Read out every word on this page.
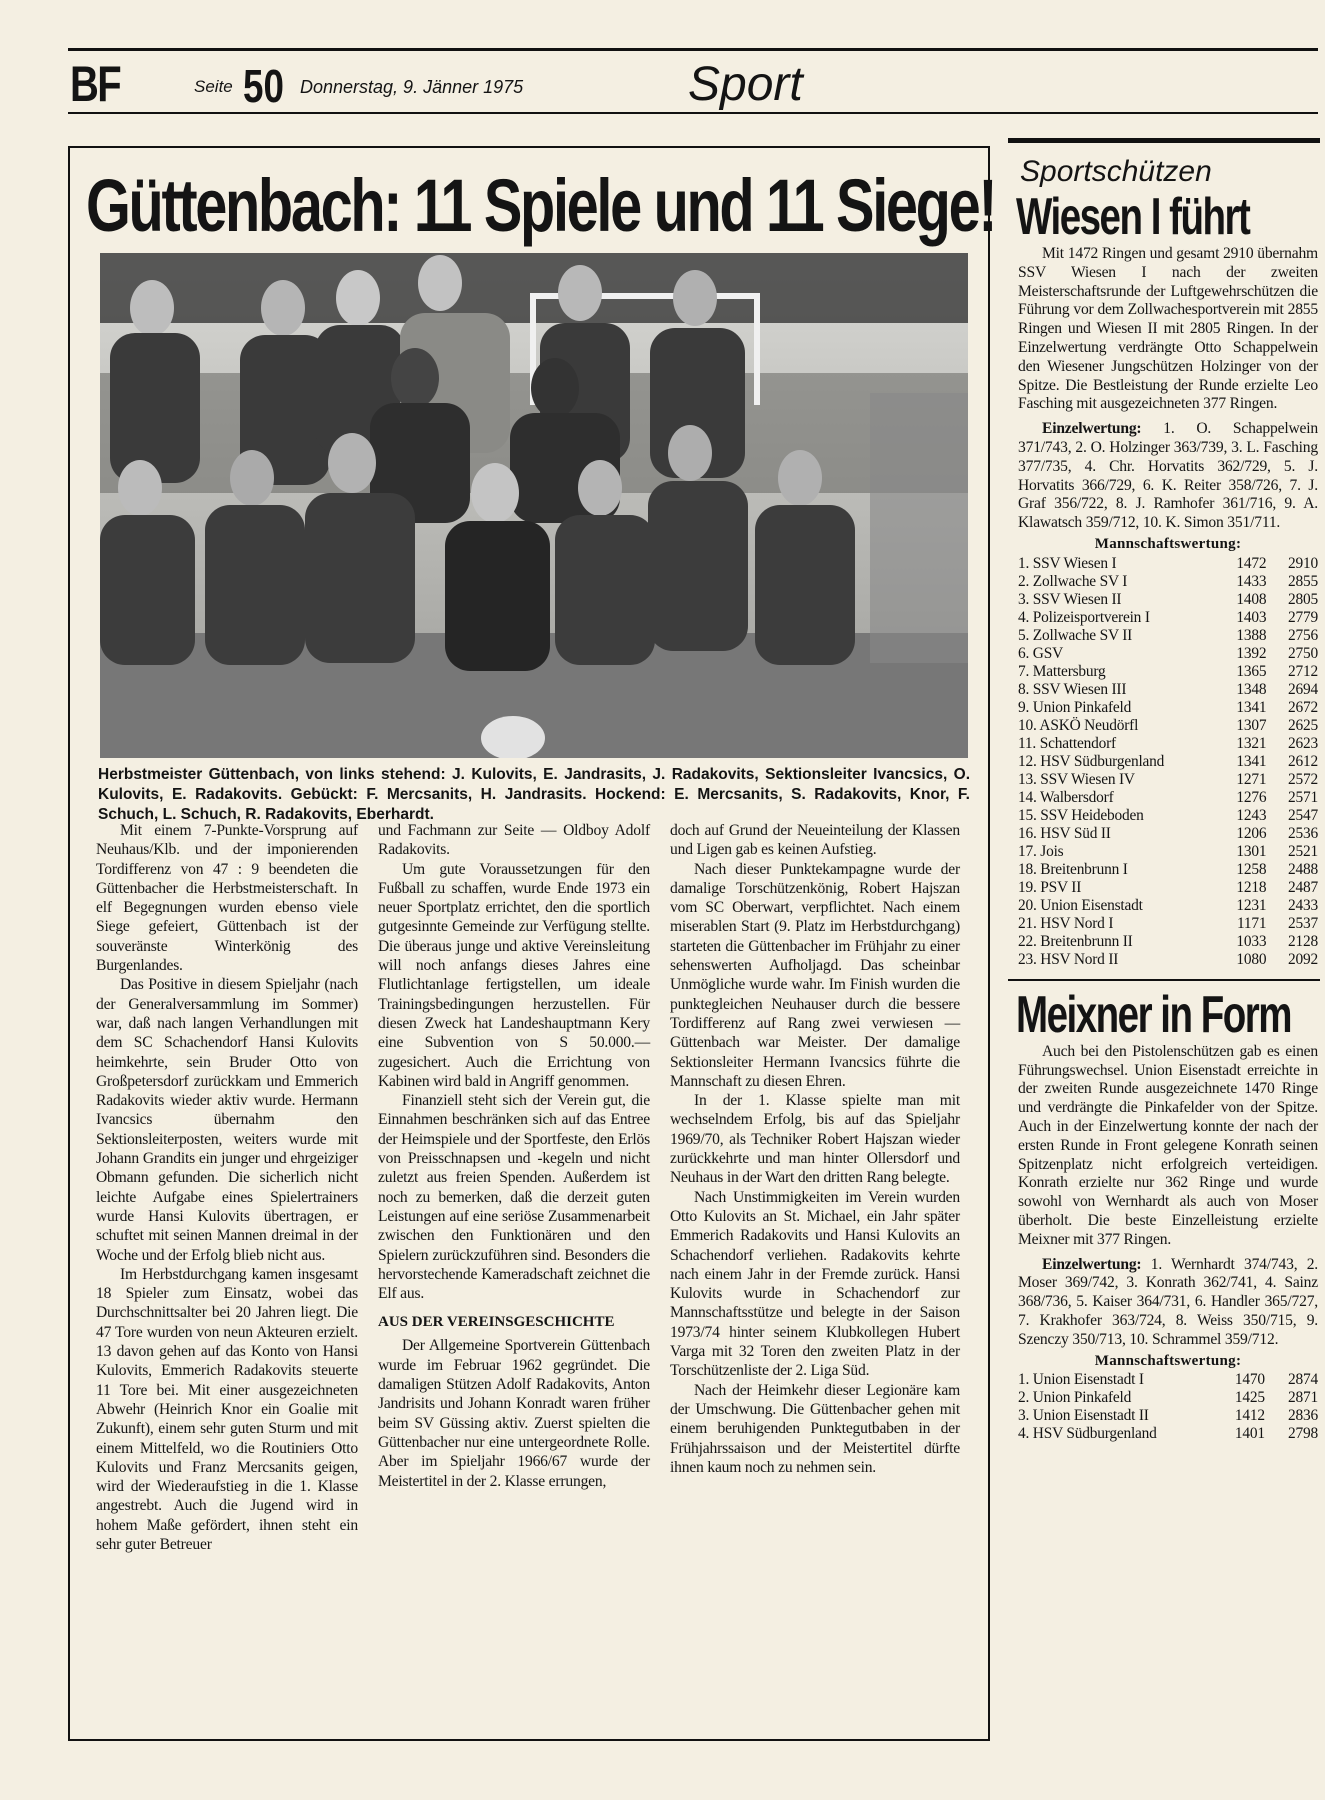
BF	Seite 50 Donnerstag, 9. Jänner 1975	Sport
Güttenbach: 11 Spiele und 11 Siege!
Herbstmeister Güttenbach, von links stehend: J. Kulovits, E. Jandrasits, J. Radakovits, Sektionsleiter Ivancsics, O. Kulovits, E. Radakovits. Gebückt: F. Mercsanits, H. Jandrasits. Hockend: E. Mercsanits, S. Radakovits, Knor, F. Schuch, L. Schuch, R. Radakovits, Eberhardt.

Mit einem 7-Punkte-Vorsprung auf Neuhaus/Klb. und der imponierenden Tordifferenz von 47 : 9 beendeten die Güttenbacher die Herbstmeisterschaft. In elf Begegnungen wurden ebenso viele Siege gefeiert, Güttenbach ist der souveränste Winterkönig des Burgenlandes.

Das Positive in diesem Spieljahr (nach der Generalversammlung im Sommer) war, daß nach langen Verhandlungen mit dem SC Schachendorf Hansi Kulovits heimkehrte, sein Bruder Otto von Großpetersdorf zurückkam und Emmerich Radakovits wieder aktiv wurde. Hermann Ivancsics übernahm den Sektionsleiterposten, weiters wurde mit Johann Grandits ein junger und ehrgeiziger Obmann gefunden. Die sicherlich nicht leichte Aufgabe eines Spielertrainers wurde Hansi Kulovits übertragen, er schuftet mit seinen Mannen dreimal in der Woche und der Erfolg blieb nicht aus.

Im Herbstdurchgang kamen insgesamt 18 Spieler zum Einsatz, wobei das Durchschnittsalter bei 20 Jahren liegt. Die 47 Tore wurden von neun Akteuren erzielt. 13 davon gehen auf das Konto von Hansi Kulovits, Emmerich Radakovits steuerte 11 Tore bei. Mit einer ausgezeichneten Abwehr (Heinrich Knor ein Goalie mit Zukunft), einem sehr guten Sturm und mit einem Mittelfeld, wo die Routiniers Otto Kulovits und Franz Mercsanits geigen, wird der Wiederaufstieg in die 1. Klasse angestrebt. Auch die Jugend wird in hohem Maße gefördert, ihnen steht ein sehr guter Betreuer

und Fachmann zur Seite — Oldboy Adolf Radakovits.

Um gute Voraussetzungen für den Fußball zu schaffen, wurde Ende 1973 ein neuer Sportplatz errichtet, den die sportlich gutgesinnte Gemeinde zur Verfügung stellte. Die überaus junge und aktive Vereinsleitung will noch anfangs dieses Jahres eine Flutlichtanlage fertigstellen, um ideale Trainingsbedingungen herzustellen. Für diesen Zweck hat Landeshauptmann Kery eine Subvention von S 50.000.— zugesichert. Auch die Errichtung von Kabinen wird bald in Angriff genommen.

Finanziell steht sich der Verein gut, die Einnahmen beschränken sich auf das Entree der Heimspiele und der Sportfeste, den Erlös von Preisschnapsen und -kegeln und nicht zuletzt aus freien Spenden. Außerdem ist noch zu bemerken, daß die derzeit guten Leistungen auf eine seriöse Zusammenarbeit zwischen den Funktionären und den Spielern zurückzuführen sind. Besonders die hervorstechende Kameradschaft zeichnet die Elf aus.

AUS DER VEREINSGESCHICHTE

Der Allgemeine Sportverein Güttenbach wurde im Februar 1962 gegründet. Die damaligen Stützen Adolf Radakovits, Anton Jandrisits und Johann Konradt waren früher beim SV Güssing aktiv. Zuerst spielten die Güttenbacher nur eine untergeordnete Rolle. Aber im Spieljahr 1966/67 wurde der Meistertitel in der 2. Klasse errungen,

doch auf Grund der Neueinteilung der Klassen und Ligen gab es keinen Aufstieg.

Nach dieser Punktekampagne wurde der damalige Torschützenkönig, Robert Hajszan vom SC Oberwart, verpflichtet. Nach einem miserablen Start (9. Platz im Herbstdurchgang) starteten die Güttenbacher im Frühjahr zu einer sehenswerten Aufholjagd. Das scheinbar Unmögliche wurde wahr. Im Finish wurden die punktegleichen Neuhauser durch die bessere Tordifferenz auf Rang zwei verwiesen — Güttenbach war Meister. Der damalige Sektionsleiter Hermann Ivancsics führte die Mannschaft zu diesen Ehren.

In der 1. Klasse spielte man mit wechselndem Erfolg, bis auf das Spieljahr 1969/70, als Techniker Robert Hajszan wieder zurückkehrte und man hinter Ollersdorf und Neuhaus in der Wart den dritten Rang belegte.

Nach Unstimmigkeiten im Verein wurden Otto Kulovits an St. Michael, ein Jahr später Emmerich Radakovits und Hansi Kulovits an Schachendorf verliehen. Radakovits kehrte nach einem Jahr in der Fremde zurück. Hansi Kulovits wurde in Schachendorf zur Mannschaftsstütze und belegte in der Saison 1973/74 hinter seinem Klubkollegen Hubert Varga mit 32 Toren den zweiten Platz in der Torschützenliste der 2. Liga Süd.

Nach der Heimkehr dieser Legionäre kam der Umschwung. Die Güttenbacher gehen mit einem beruhigenden Punktegutbaben in der Frühjahrssaison und der Meistertitel dürfte ihnen kaum noch zu nehmen sein.

Sportschützen
Wiesen I führt

Mit 1472 Ringen und gesamt 2910 übernahm SSV Wiesen I nach der zweiten Meisterschaftsrunde der Luftgewehrschützen die Führung vor dem Zollwachesportverein mit 2855 Ringen und Wiesen II mit 2805 Ringen. In der Einzelwertung verdrängte Otto Schappelwein den Wiesener Jungschützen Holzinger von der Spitze. Die Bestleistung der Runde erzielte Leo Fasching mit ausgezeichneten 377 Ringen.

Einzelwertung: 1. O. Schappelwein 371/743, 2. O. Holzinger 363/739, 3. L. Fasching 377/735, 4. Chr. Horvatits 362/729, 5. J. Horvatits 366/729, 6. K. Reiter 358/726, 7. J. Graf 356/722, 8. J. Ramhofer 361/716, 9. A. Klawatsch 359/712, 10. K. Simon 351/711.

Mannschaftswertung:
1. SSV Wiesen I	1472	2910
2. Zollwache SV I	1433	2855
3. SSV Wiesen II	1408	2805
4. Polizeisportverein I	1403	2779
5. Zollwache SV II	1388	2756
6. GSV	1392	2750
7. Mattersburg	1365	2712
8. SSV Wiesen III	1348	2694
9. Union Pinkafeld	1341	2672
10. ASKÖ Neudörfl	1307	2625
11. Schattendorf	1321	2623
12. HSV Südburgenland	1341	2612
13. SSV Wiesen IV	1271	2572
14. Walbersdorf	1276	2571
15. SSV Heideboden	1243	2547
16. HSV Süd II	1206	2536
17. Jois	1301	2521
18. Breitenbrunn I	1258	2488
19. PSV II	1218	2487
20. Union Eisenstadt	1231	2433
21. HSV Nord I	1171	2537
22. Breitenbrunn II	1033	2128
23. HSV Nord II	1080	2092
Meixner in Form

Auch bei den Pistolenschützen gab es einen Führungswechsel. Union Eisenstadt erreichte in der zweiten Runde ausgezeichnete 1470 Ringe und verdrängte die Pinkafelder von der Spitze. Auch in der Einzelwertung konnte der nach der ersten Runde in Front gelegene Konrath seinen Spitzenplatz nicht erfolgreich verteidigen. Konrath erzielte nur 362 Ringe und wurde sowohl von Wernhardt als auch von Moser überholt. Die beste Einzelleistung erzielte Meixner mit 377 Ringen.

Einzelwertung: 1. Wernhardt 374/743, 2. Moser 369/742, 3. Konrath 362/741, 4. Sainz 368/736, 5. Kaiser 364/731, 6. Handler 365/727, 7. Krakhofer 363/724, 8. Weiss 350/715, 9. Szenczy 350/713, 10. Schrammel 359/712.

Mannschaftswertung:
1. Union Eisenstadt I	1470	2874
2. Union Pinkafeld	1425	2871
3. Union Eisenstadt II	1412	2836
4. HSV Südburgenland	1401	2798
